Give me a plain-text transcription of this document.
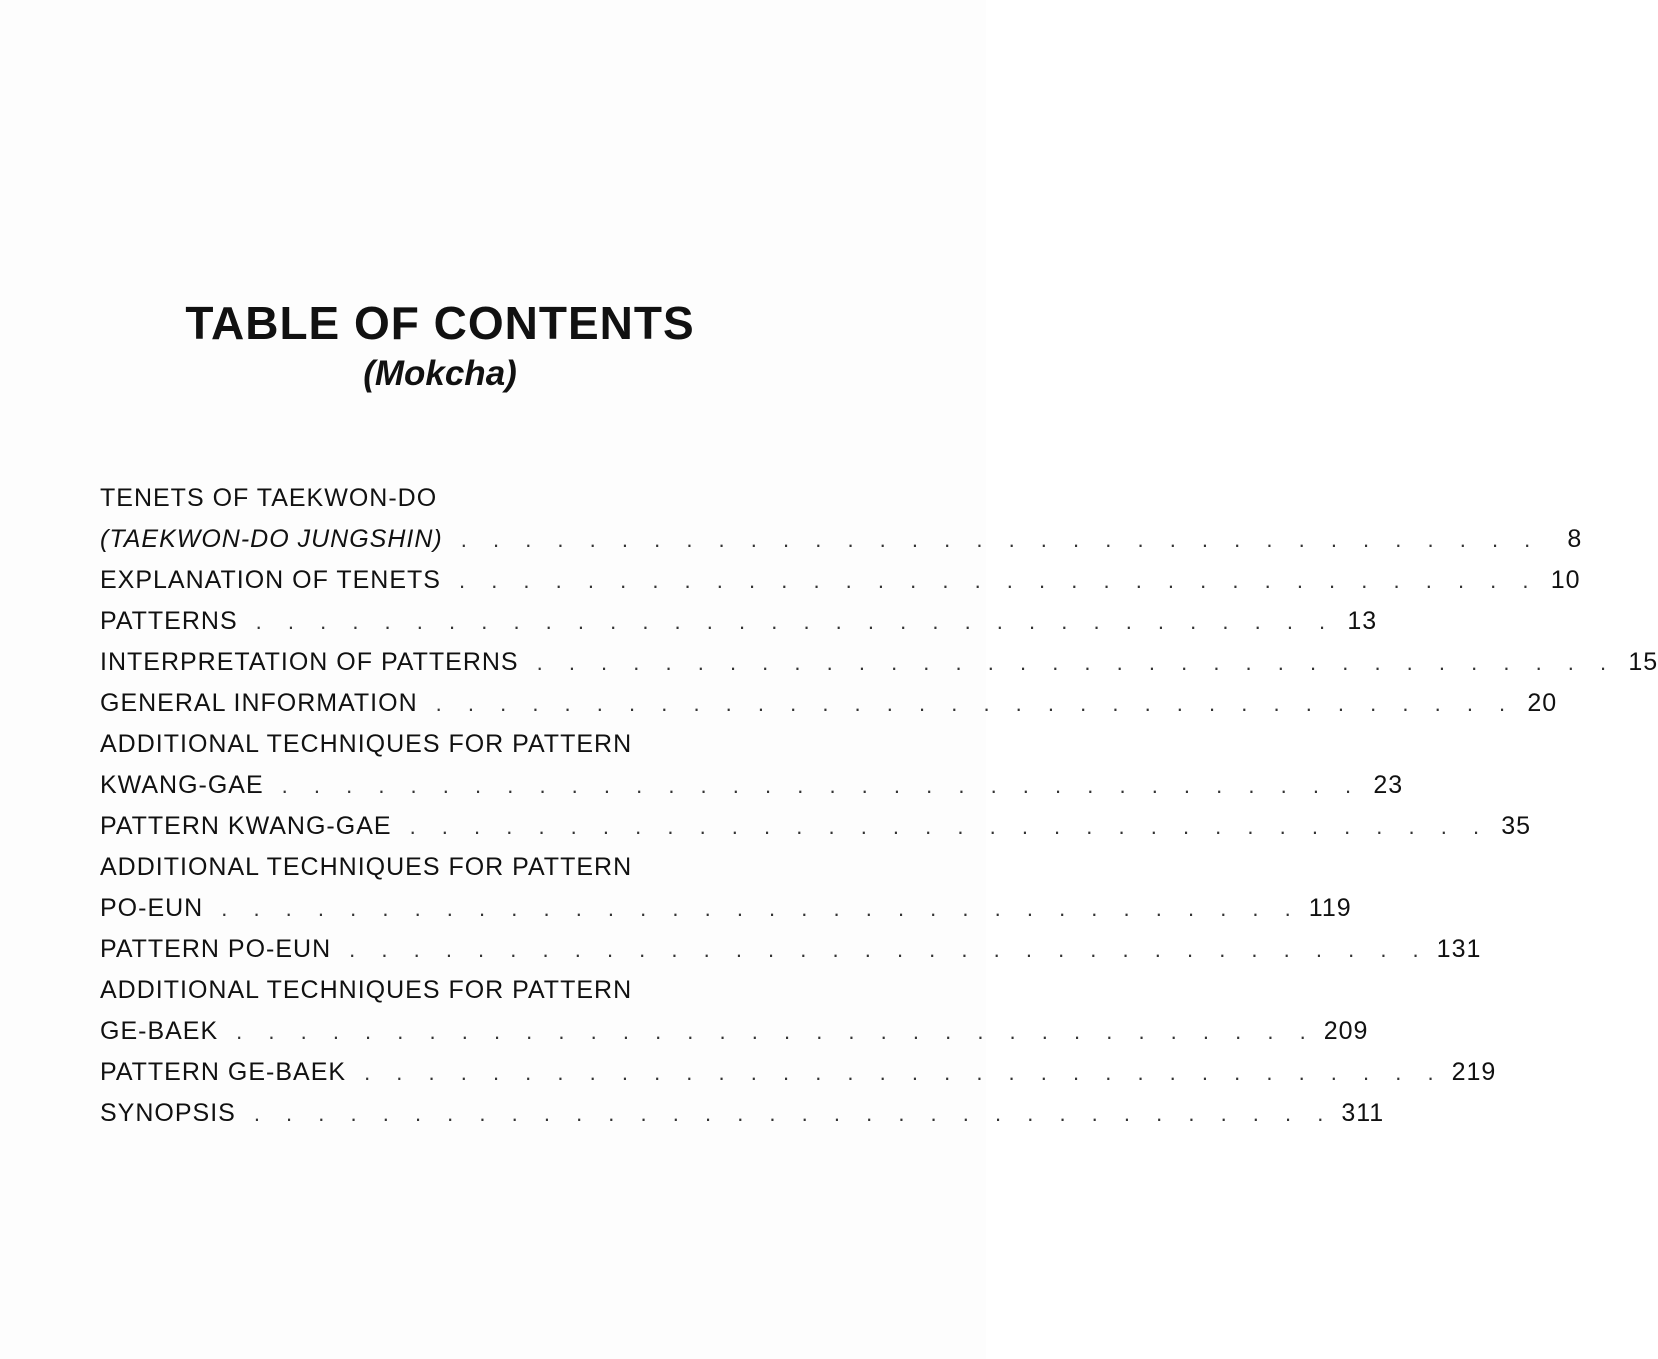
TABLE OF CONTENTS
(Mokcha)
TENETS OF TAEKWON-DO
(TAEKWON-DO JUNGSHIN) . . . . . . . . . . . . . . . . . . . . . . . . . . . . . . . . . .	8
EXPLANATION OF TENETS . . . . . . . . . . . . . . . . . . . . . . . . . . . . . . . . . . 10
PATTERNS . . . . . . . . . . . . . . . . . . . . . . . . . . . . . . . . . . 13
INTERPRETATION OF PATTERNS . . . . . . . . . . . . . . . . . . . . . . . . . . . . . . . . . . 15
GENERAL INFORMATION . . . . . . . . . . . . . . . . . . . . . . . . . . . . . . . . . . 20
ADDITIONAL TECHNIQUES FOR PATTERN
KWANG-GAE . . . . . . . . . . . . . . . . . . . . . . . . . . . . . . . . . . 23
PATTERN KWANG-GAE . . . . . . . . . . . . . . . . . . . . . . . . . . . . . . . . . . 35
ADDITIONAL TECHNIQUES FOR PATTERN
PO-EUN . . . . . . . . . . . . . . . . . . . . . . . . . . . . . . . . . . 119
PATTERN PO-EUN . . . . . . . . . . . . . . . . . . . . . . . . . . . . . . . . . . 131
ADDITIONAL TECHNIQUES FOR PATTERN
GE-BAEK . . . . . . . . . . . . . . . . . . . . . . . . . . . . . . . . . . 209
PATTERN GE-BAEK . . . . . . . . . . . . . . . . . . . . . . . . . . . . . . . . . . 219
SYNOPSIS . . . . . . . . . . . . . . . . . . . . . . . . . . . . . . . . . . 311
